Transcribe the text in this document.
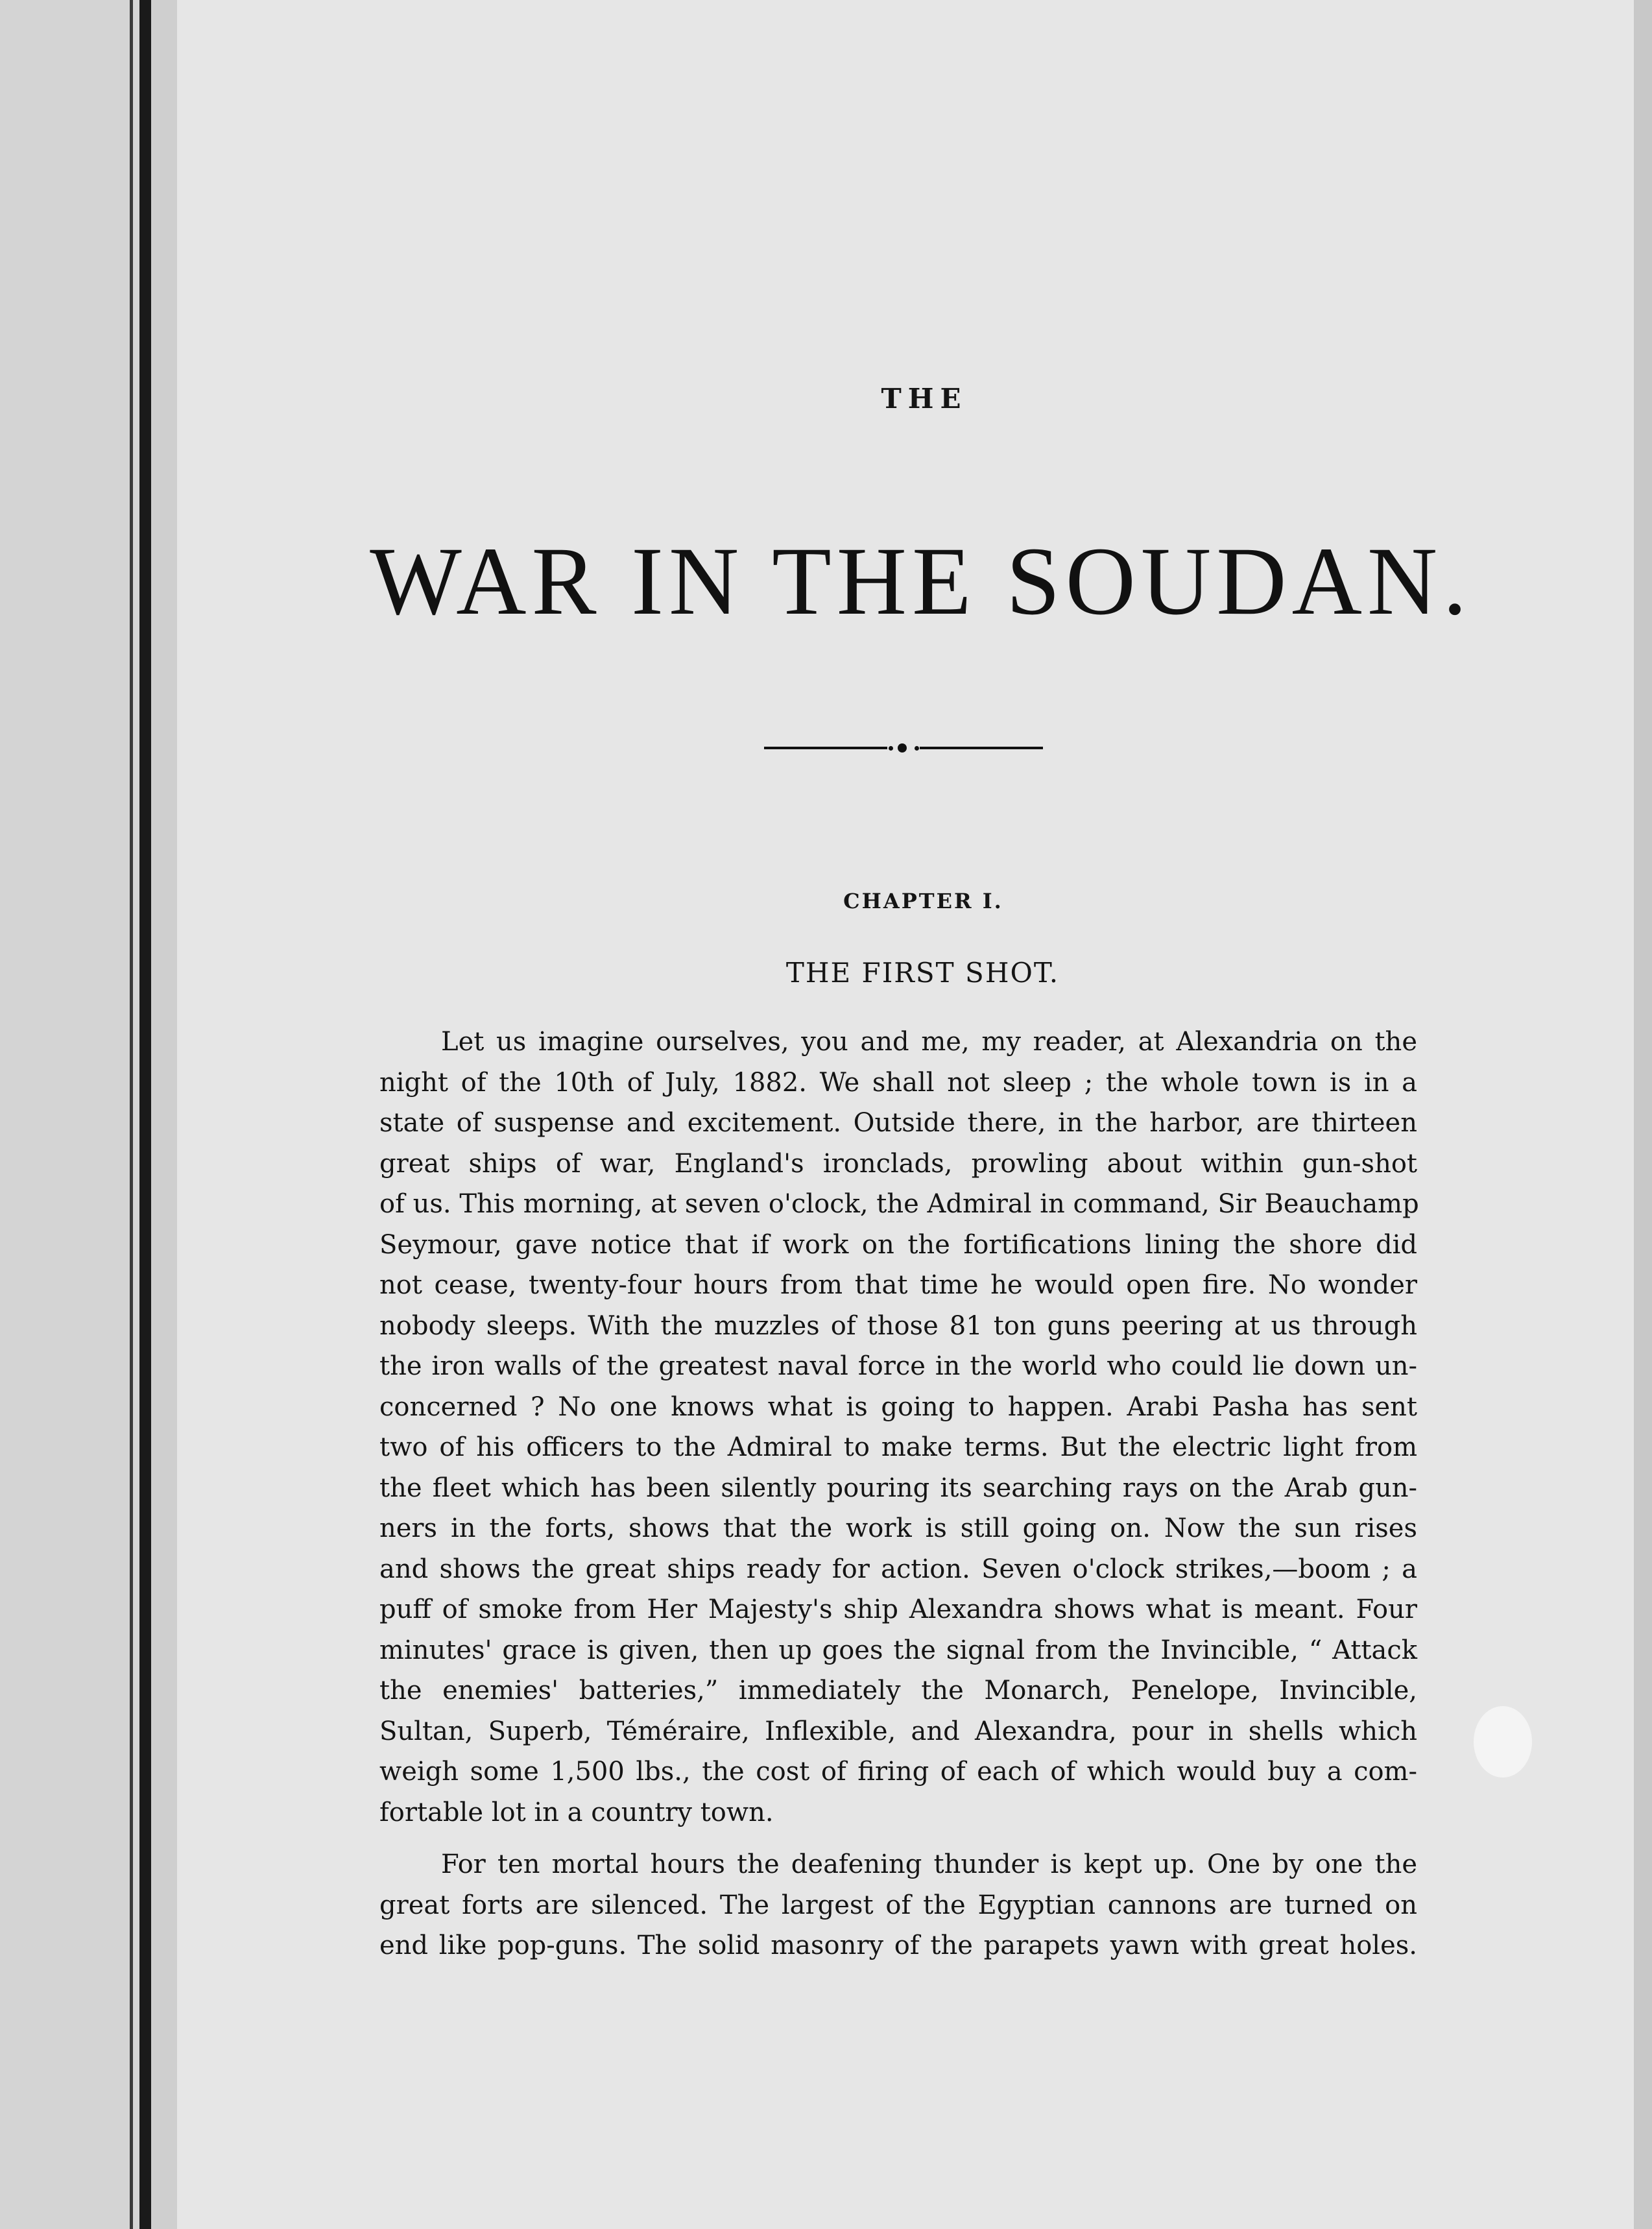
THE
WAR IN THE SOUDAN.
CHAPTER I.
THE FIRST SHOT.
Let us imagine ourselves, you and me, my reader, at Alexandria on the
night of the 10th of July, 1882. We shall not sleep ; the whole town is in a
state of suspense and excitement. Outside there, in the harbor, are thirteen
great ships of war, England's ironclads, prowling about within gun-shot
of us. This morning, at seven o'clock, the Admiral in command, Sir Beauchamp
Seymour, gave notice that if work on the fortifications lining the shore did
not cease, twenty-four hours from that time he would open fire. No wonder
nobody sleeps. With the muzzles of those 81 ton guns peering at us through
the iron walls of the greatest naval force in the world who could lie down un-
concerned ? No one knows what is going to happen. Arabi Pasha has sent
two of his officers to the Admiral to make terms. But the electric light from
the fleet which has been silently pouring its searching rays on the Arab gun-
ners in the forts, shows that the work is still going on. Now the sun rises
and shows the great ships ready for action. Seven o'clock strikes,—boom ; a
puff of smoke from Her Majesty's ship Alexandra shows what is meant. Four
minutes' grace is given, then up goes the signal from the Invincible, “ Attack
the enemies' batteries,” immediately the Monarch, Penelope, Invincible,
Sultan, Superb, Téméraire, Inflexible, and Alexandra, pour in shells which
weigh some 1,500 lbs., the cost of firing of each of which would buy a com-
fortable lot in a country town.
For ten mortal hours the deafening thunder is kept up. One by one the
great forts are silenced. The largest of the Egyptian cannons are turned on
end like pop-guns. The solid masonry of the parapets yawn with great holes.
